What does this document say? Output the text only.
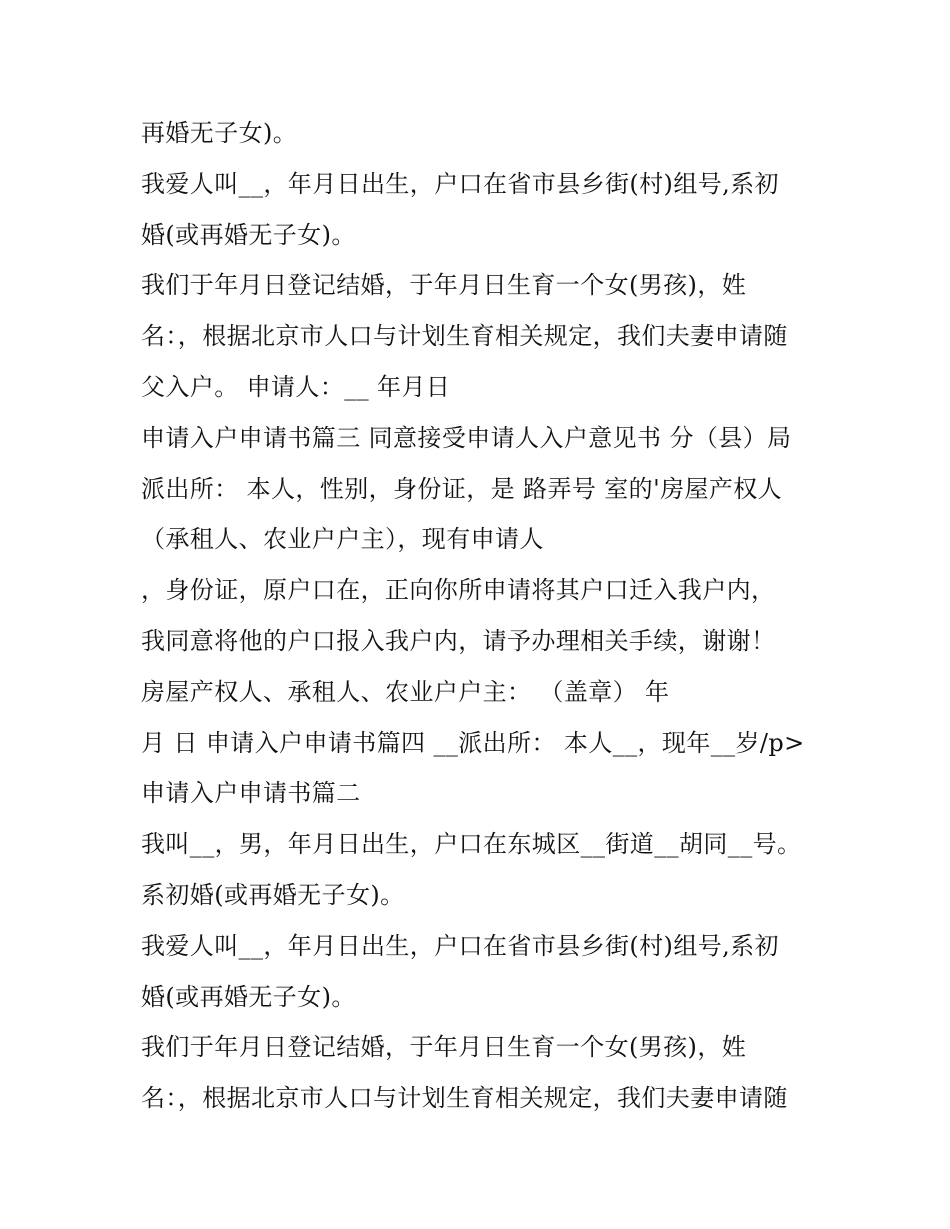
再婚无子女)。
我爱人叫__，年月日出生，户口在省市县乡街(村)组号,系初
婚(或再婚无子女)。
我们于年月日登记结婚，于年月日生育一个女(男孩)，姓
名：，根据北京市人口与计划生育相关规定，我们夫妻申请随
父入户。 申请人：__ 年月日
申请入户申请书篇三 同意接受申请人入户意见书 分（县）局
派出所： 本人，性别，身份证，是 路弄号 室的'房屋产权人
（承租人、农业户户主），现有申请人
，身份证，原户口在，正向你所申请将其户口迁入我户内，
我同意将他的户口报入我户内，请予办理相关手续，谢谢！
房屋产权人、承租人、农业户户主： （盖章） 年
月 日 申请入户申请书篇四 __派出所： 本人__，现年__岁/p>
申请入户申请书篇二
我叫__，男，年月日出生，户口在东城区__街道__胡同__号。
系初婚(或再婚无子女)。
我爱人叫__，年月日出生，户口在省市县乡街(村)组号,系初
婚(或再婚无子女)。
我们于年月日登记结婚，于年月日生育一个女(男孩)，姓
名：，根据北京市人口与计划生育相关规定，我们夫妻申请随
